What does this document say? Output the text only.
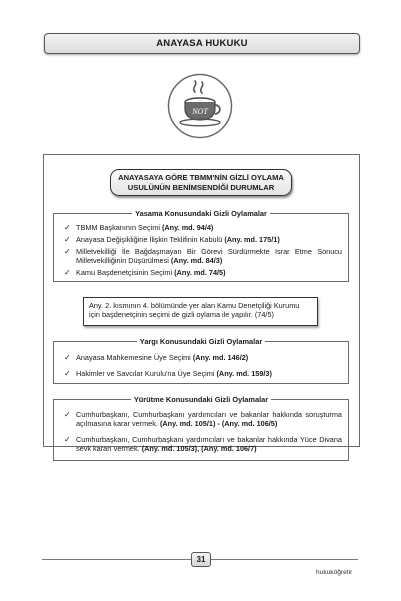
ANAYASA HUKUKU
NOT
ANAYASAYA GÖRE TBMM'NİN GİZLİ OYLAMA
USULÜNÜN BENİMSENDİĞİ DURUMLAR
Yasama Konusundaki Gizli Oylamalar
✓ TBMM Başkanının Seçimi (Any. md. 94/4)
✓ Anayasa Değişikliğine İlişkin Teklifinin Kabulü (Any. md. 175/1)
✓ Milletvekilliği İle Bağdaşmayan Bir Görevi Sürdürmekte Israr Etme Sonucu Milletvekilliğinin Düşürülmesi (Any. md. 84/3)
✓ Kamu Başdenetçisinin Seçimi (Any. md. 74/5)
Any. 2. kısmının 4. bölümünde yer alan Kamu Denetçiliği Kurumu için başdenetçinin seçimi de gizli oylama ile yapılır. (74/5)
Yargı Konusundaki Gizli Oylamalar
✓ Anayasa Mahkemesine Üye Seçimi (Any. md. 146/2)
✓ Hakimler ve Savcılar Kurulu'na Üye Seçimi (Any. md. 159/3)
Yürütme Konusundaki Gizli Oylamalar
✓ Cumhurbaşkanı, Cumhurbaşkanı yardımcıları ve bakanlar hakkında soruşturma açılmasına karar vermek. (Any. md. 105/1) - (Any. md. 106/5)
✓ Cumhurbaşkanı, Cumhurbaşkanı yardımcıları ve bakanlar hakkında Yüce Divana sevk kararı vermek. (Any. md. 105/3), (Any. md. 106/7)
31
hukuköğretir
